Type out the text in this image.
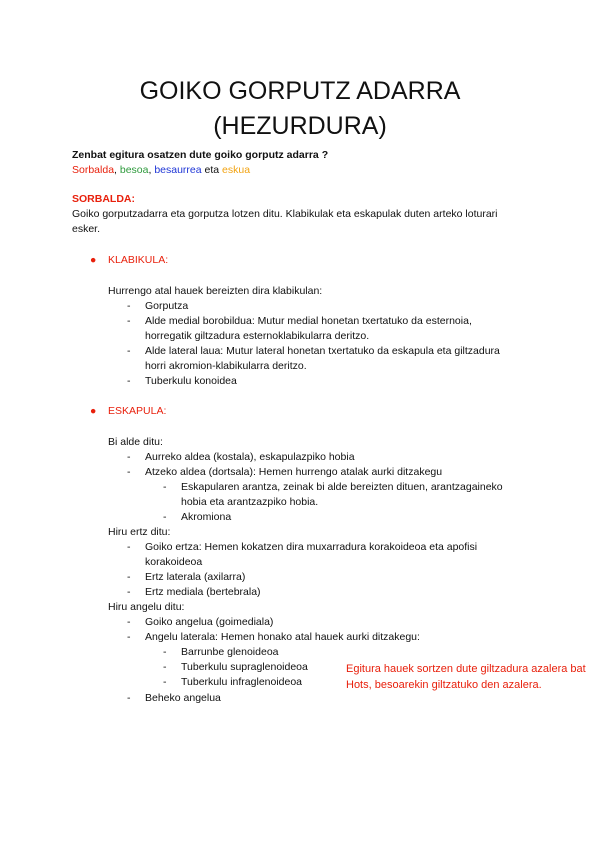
GOIKO GORPUTZ ADARRA
(HEZURDURA)
Zenbat egitura osatzen dute goiko gorputz adarra ?
Sorbalda, besoa, besaurrea eta eskua
SORBALDA:
Goiko gorputzadarra eta gorputza lotzen ditu. Klabikulak eta eskapulak duten arteko loturari
esker.
● KLABIKULA:
Hurrengo atal hauek bereizten dira klabikulan:
- Gorputza
- Alde medial borobildua: Mutur medial honetan txertatuko da esternoia,
horregatik giltzadura esternoklabikularra deritzo.
- Alde lateral laua: Mutur lateral honetan txertatuko da eskapula eta giltzadura
horri akromion-klabikularra deritzo.
- Tuberkulu konoidea
● ESKAPULA:
Bi alde ditu:
- Aurreko aldea (kostala), eskapulazpiko hobia
- Atzeko aldea (dortsala): Hemen hurrengo atalak aurki ditzakegu
- Eskapularen arantza, zeinak bi alde bereizten dituen, arantzagaineko
hobia eta arantzazpiko hobia.
- Akromiona
Hiru ertz ditu:
- Goiko ertza: Hemen kokatzen dira muxarradura korakoideoa eta apofisi
korakoideoa
- Ertz laterala (axilarra)
- Ertz mediala (bertebrala)
Hiru angelu ditu:
- Goiko angelua (goimediala)
- Angelu laterala: Hemen honako atal hauek aurki ditzakegu:
- Barrunbe glenoideoa
- Tuberkulu supraglenoideoa
- Tuberkulu infraglenoideoa
- Beheko angelua
Egitura hauek sortzen dute giltzadura azalera bat
Hots, besoarekin giltzatuko den azalera.
